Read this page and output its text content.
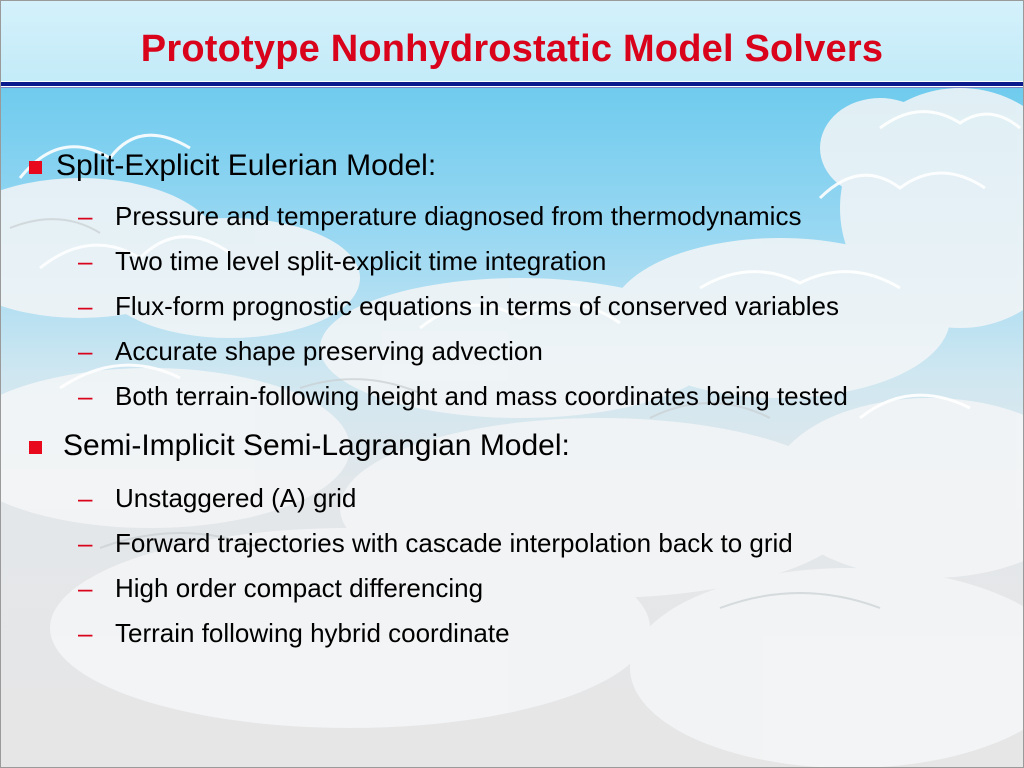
Prototype Nonhydrostatic Model Solvers
Split-Explicit Eulerian Model:
– Pressure and temperature diagnosed from thermodynamics
– Two time level split-explicit time integration
– Flux-form prognostic equations in terms of conserved variables
– Accurate shape preserving advection
– Both terrain-following height and mass coordinates being tested
Semi-Implicit Semi-Lagrangian Model:
– Unstaggered (A) grid
– Forward trajectories with cascade interpolation back to grid
– High order compact differencing
– Terrain following hybrid coordinate
